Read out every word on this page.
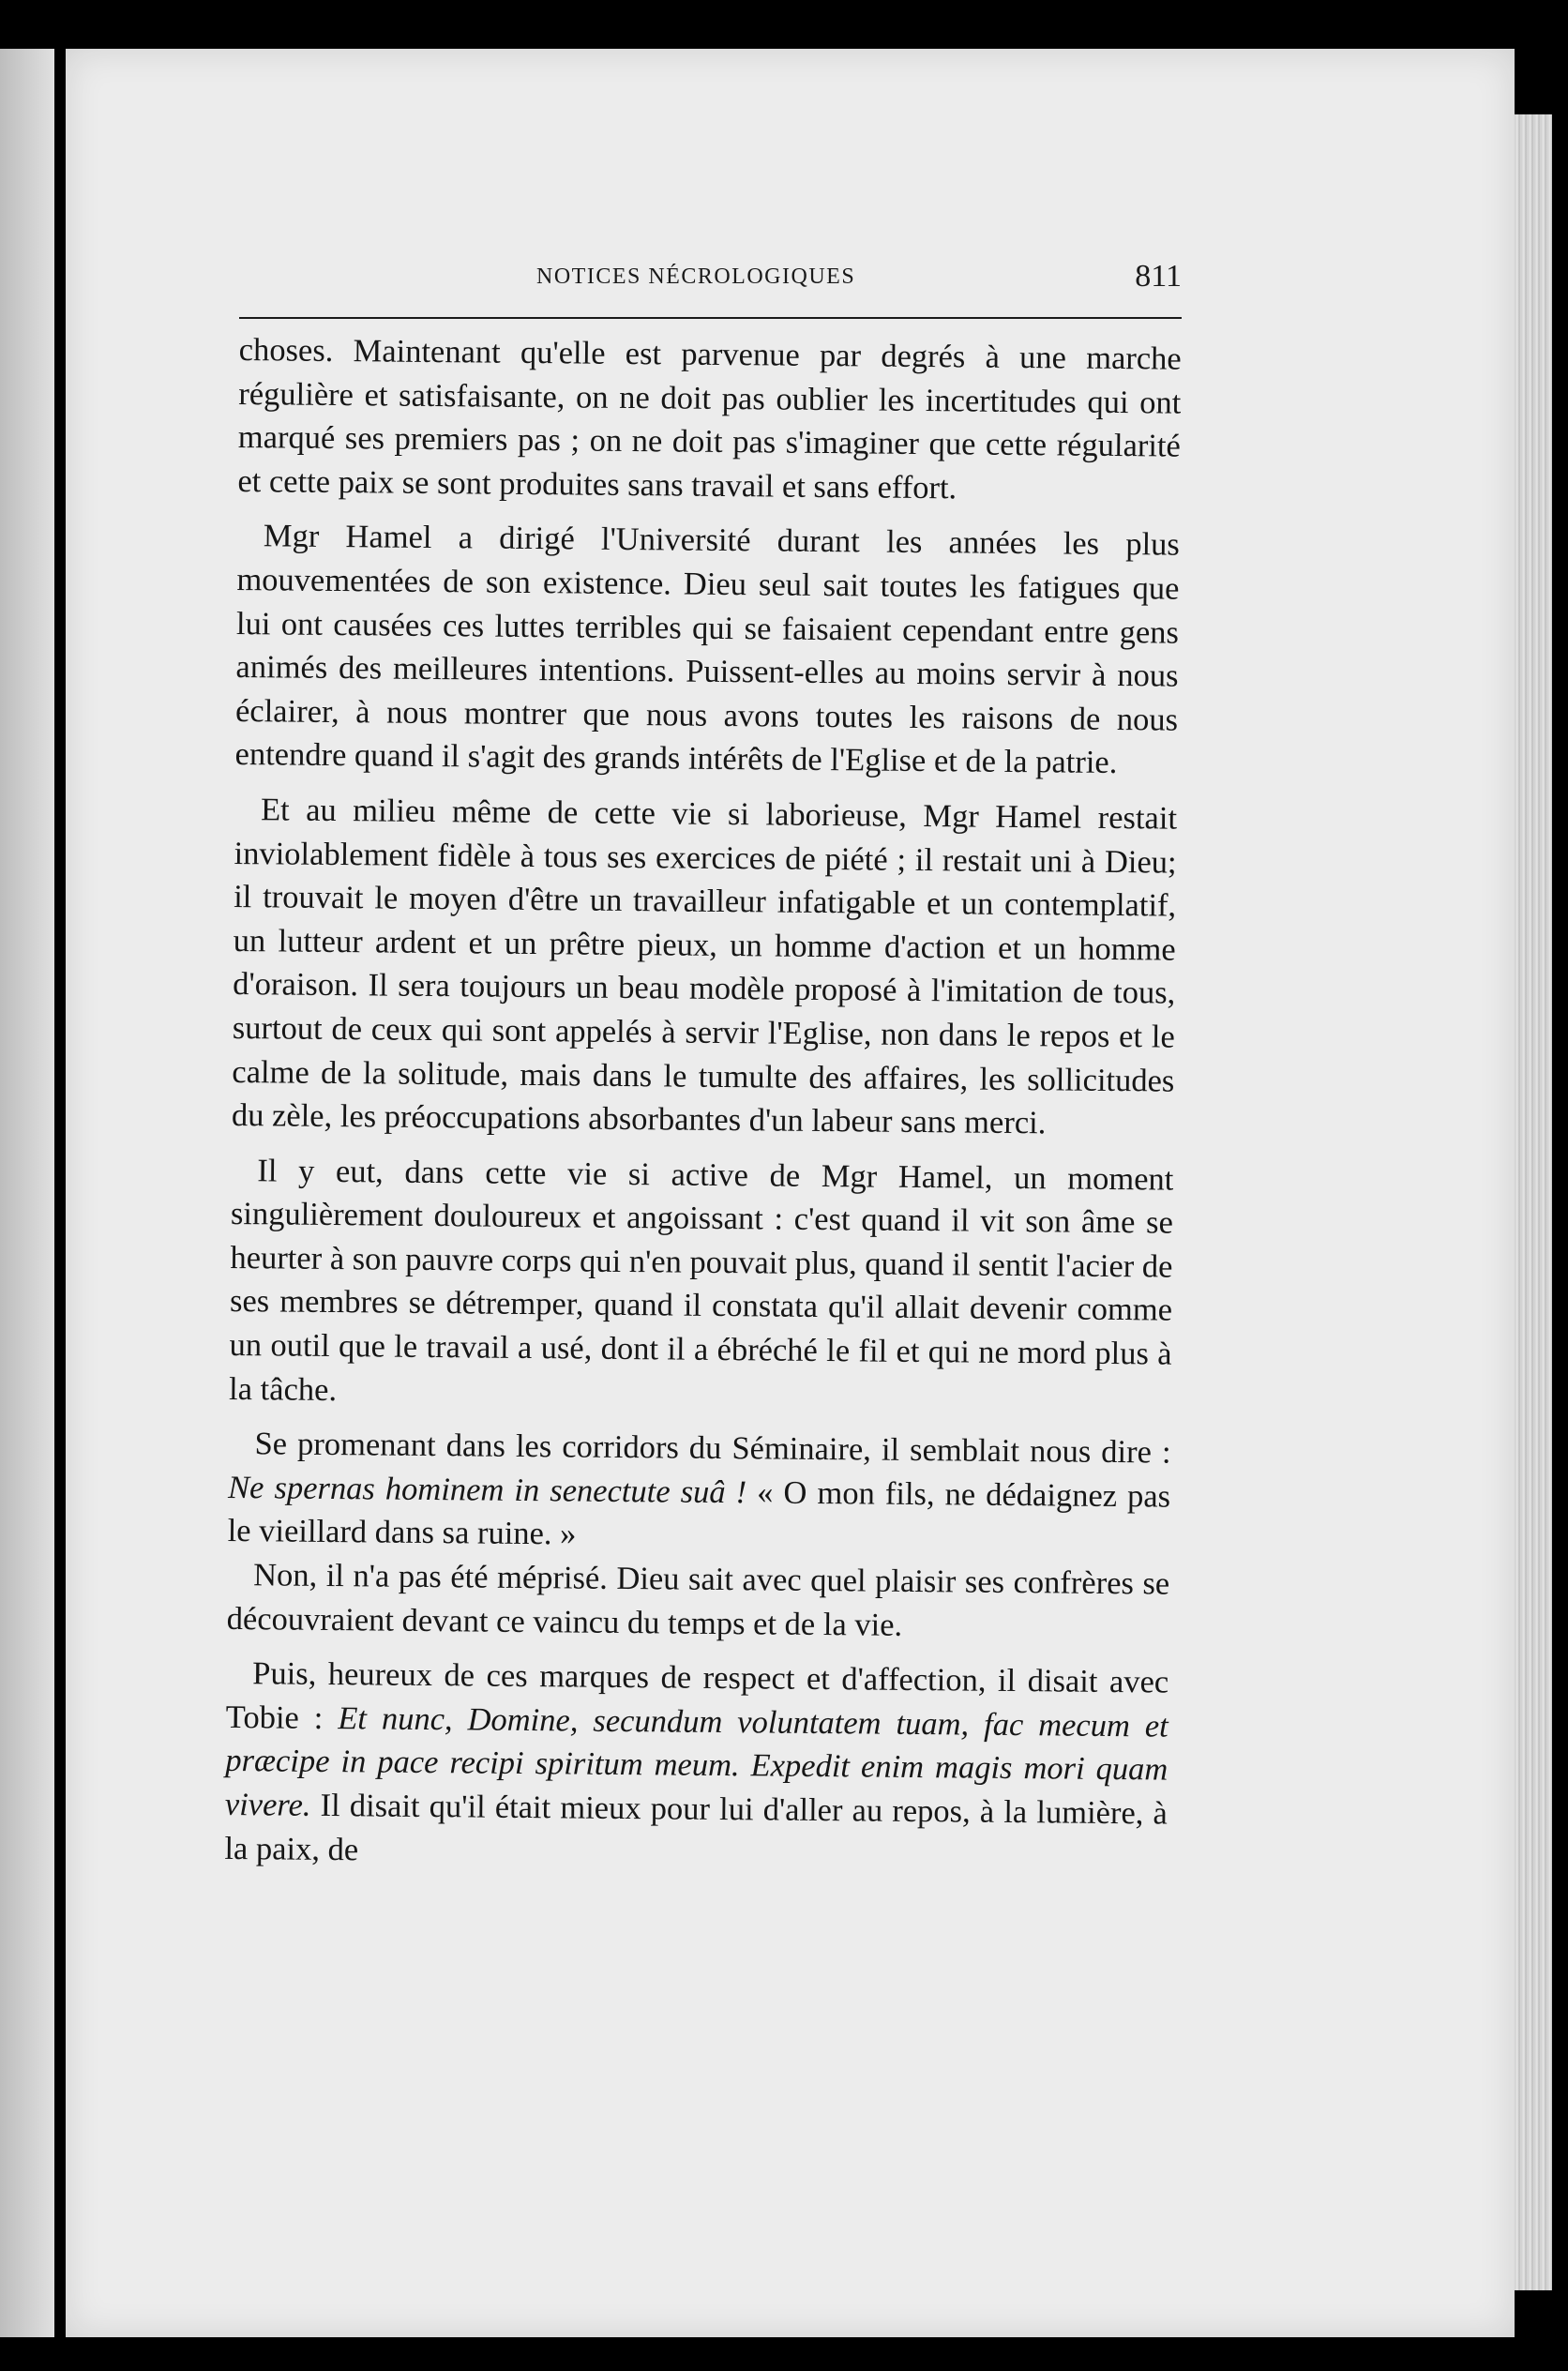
NOTICES NÉCROLOGIQUES	811

choses. Maintenant qu'elle est parvenue par degrés à une marche régulière et satisfaisante, on ne doit pas oublier les incertitudes qui ont marqué ses premiers pas ; on ne doit pas s'imaginer que cette régularité et cette paix se sont produites sans travail et sans effort.

Mgr Hamel a dirigé l'Université durant les années les plus mouvementées de son existence. Dieu seul sait toutes les fatigues que lui ont causées ces luttes terribles qui se faisaient cependant entre gens animés des meilleures intentions. Puissent-elles au moins servir à nous éclairer, à nous montrer que nous avons toutes les raisons de nous entendre quand il s'agit des grands intérêts de l'Eglise et de la patrie.

Et au milieu même de cette vie si laborieuse, Mgr Hamel restait inviolablement fidèle à tous ses exercices de piété ; il restait uni à Dieu; il trouvait le moyen d'être un travailleur infatigable et un contemplatif, un lutteur ardent et un prêtre pieux, un homme d'action et un homme d'oraison. Il sera toujours un beau modèle proposé à l'imitation de tous, surtout de ceux qui sont appelés à servir l'Eglise, non dans le repos et le calme de la solitude, mais dans le tumulte des affaires, les sollicitudes du zèle, les préoccupations absorbantes d'un labeur sans merci.

Il y eut, dans cette vie si active de Mgr Hamel, un moment singulièrement douloureux et angoissant : c'est quand il vit son âme se heurter à son pauvre corps qui n'en pouvait plus, quand il sentit l'acier de ses membres se détremper, quand il constata qu'il allait devenir comme un outil que le travail a usé, dont il a ébréché le fil et qui ne mord plus à la tâche.

Se promenant dans les corridors du Séminaire, il semblait nous dire : Ne spernas hominem in senectute suâ ! « O mon fils, ne dédaignez pas le vieillard dans sa ruine. »

Non, il n'a pas été méprisé. Dieu sait avec quel plaisir ses confrères se découvraient devant ce vaincu du temps et de la vie.

Puis, heureux de ces marques de respect et d'affection, il disait avec Tobie : Et nunc, Domine, secundum voluntatem tuam, fac mecum et præcipe in pace recipi spiritum meum. Expedit enim magis mori quam vivere. Il disait qu'il était mieux pour lui d'aller au repos, à la lumière, à la paix, de
